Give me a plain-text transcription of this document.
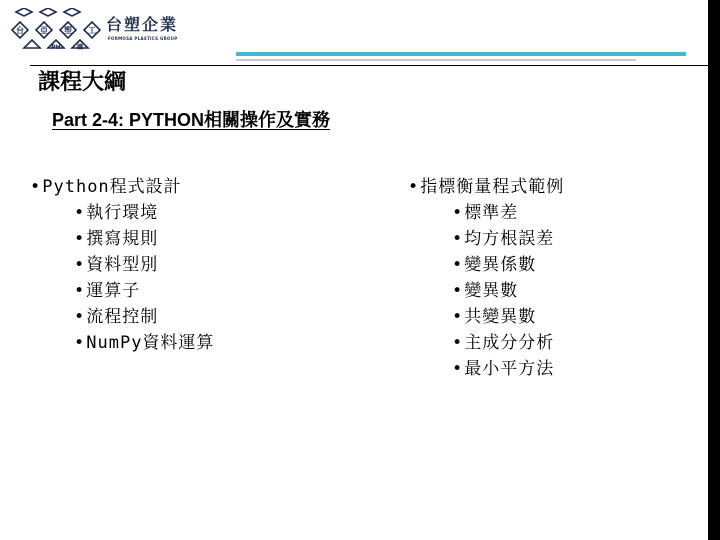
台 亞 塑
PH
工
纖
台塑企業
FORMOSA PLASTICS GROUP
課程大綱
Part 2-4: PYTHON相關操作及實務
•Python程式設計
•執行環境
•撰寫規則
•資料型別
•運算子
•流程控制
•NumPy資料運算
•指標衡量程式範例
•標準差
•均方根誤差
•變異係數
•變異數
•共變異數
•主成分分析
•最小平方法
